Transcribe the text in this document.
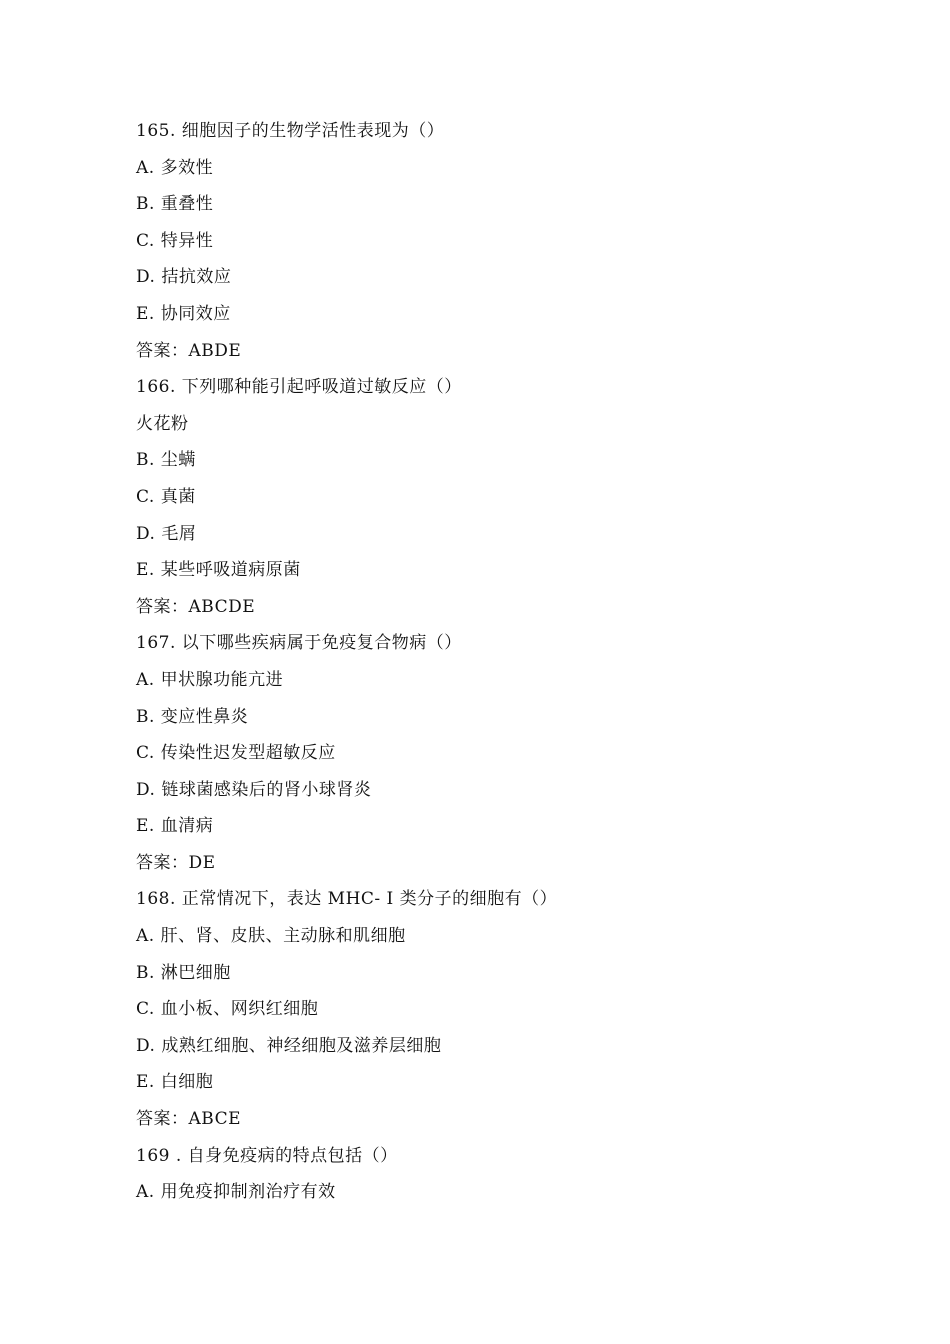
165. 细胞因子的生物学活性表现为（）
A. 多效性
B. 重叠性
C. 特异性
D. 拮抗效应
E. 协同效应
答案：ABDE
166. 下列哪种能引起呼吸道过敏反应（）
火花粉
B. 尘螨
C. 真菌
D. 毛屑
E. 某些呼吸道病原菌
答案：ABCDE
167. 以下哪些疾病属于免疫复合物病（）
A. 甲状腺功能亢进
B. 变应性鼻炎
C. 传染性迟发型超敏反应
D. 链球菌感染后的肾小球肾炎
E. 血清病
答案：DE
168. 正常情况下，表达 MHC- I 类分子的细胞有（）
A. 肝、肾、皮肤、主动脉和肌细胞
B. 淋巴细胞
C. 血小板、网织红细胞
D. 成熟红细胞、神经细胞及滋养层细胞
E. 白细胞
答案：ABCE
169 . 自身免疫病的特点包括（）
A. 用免疫抑制剂治疗有效
